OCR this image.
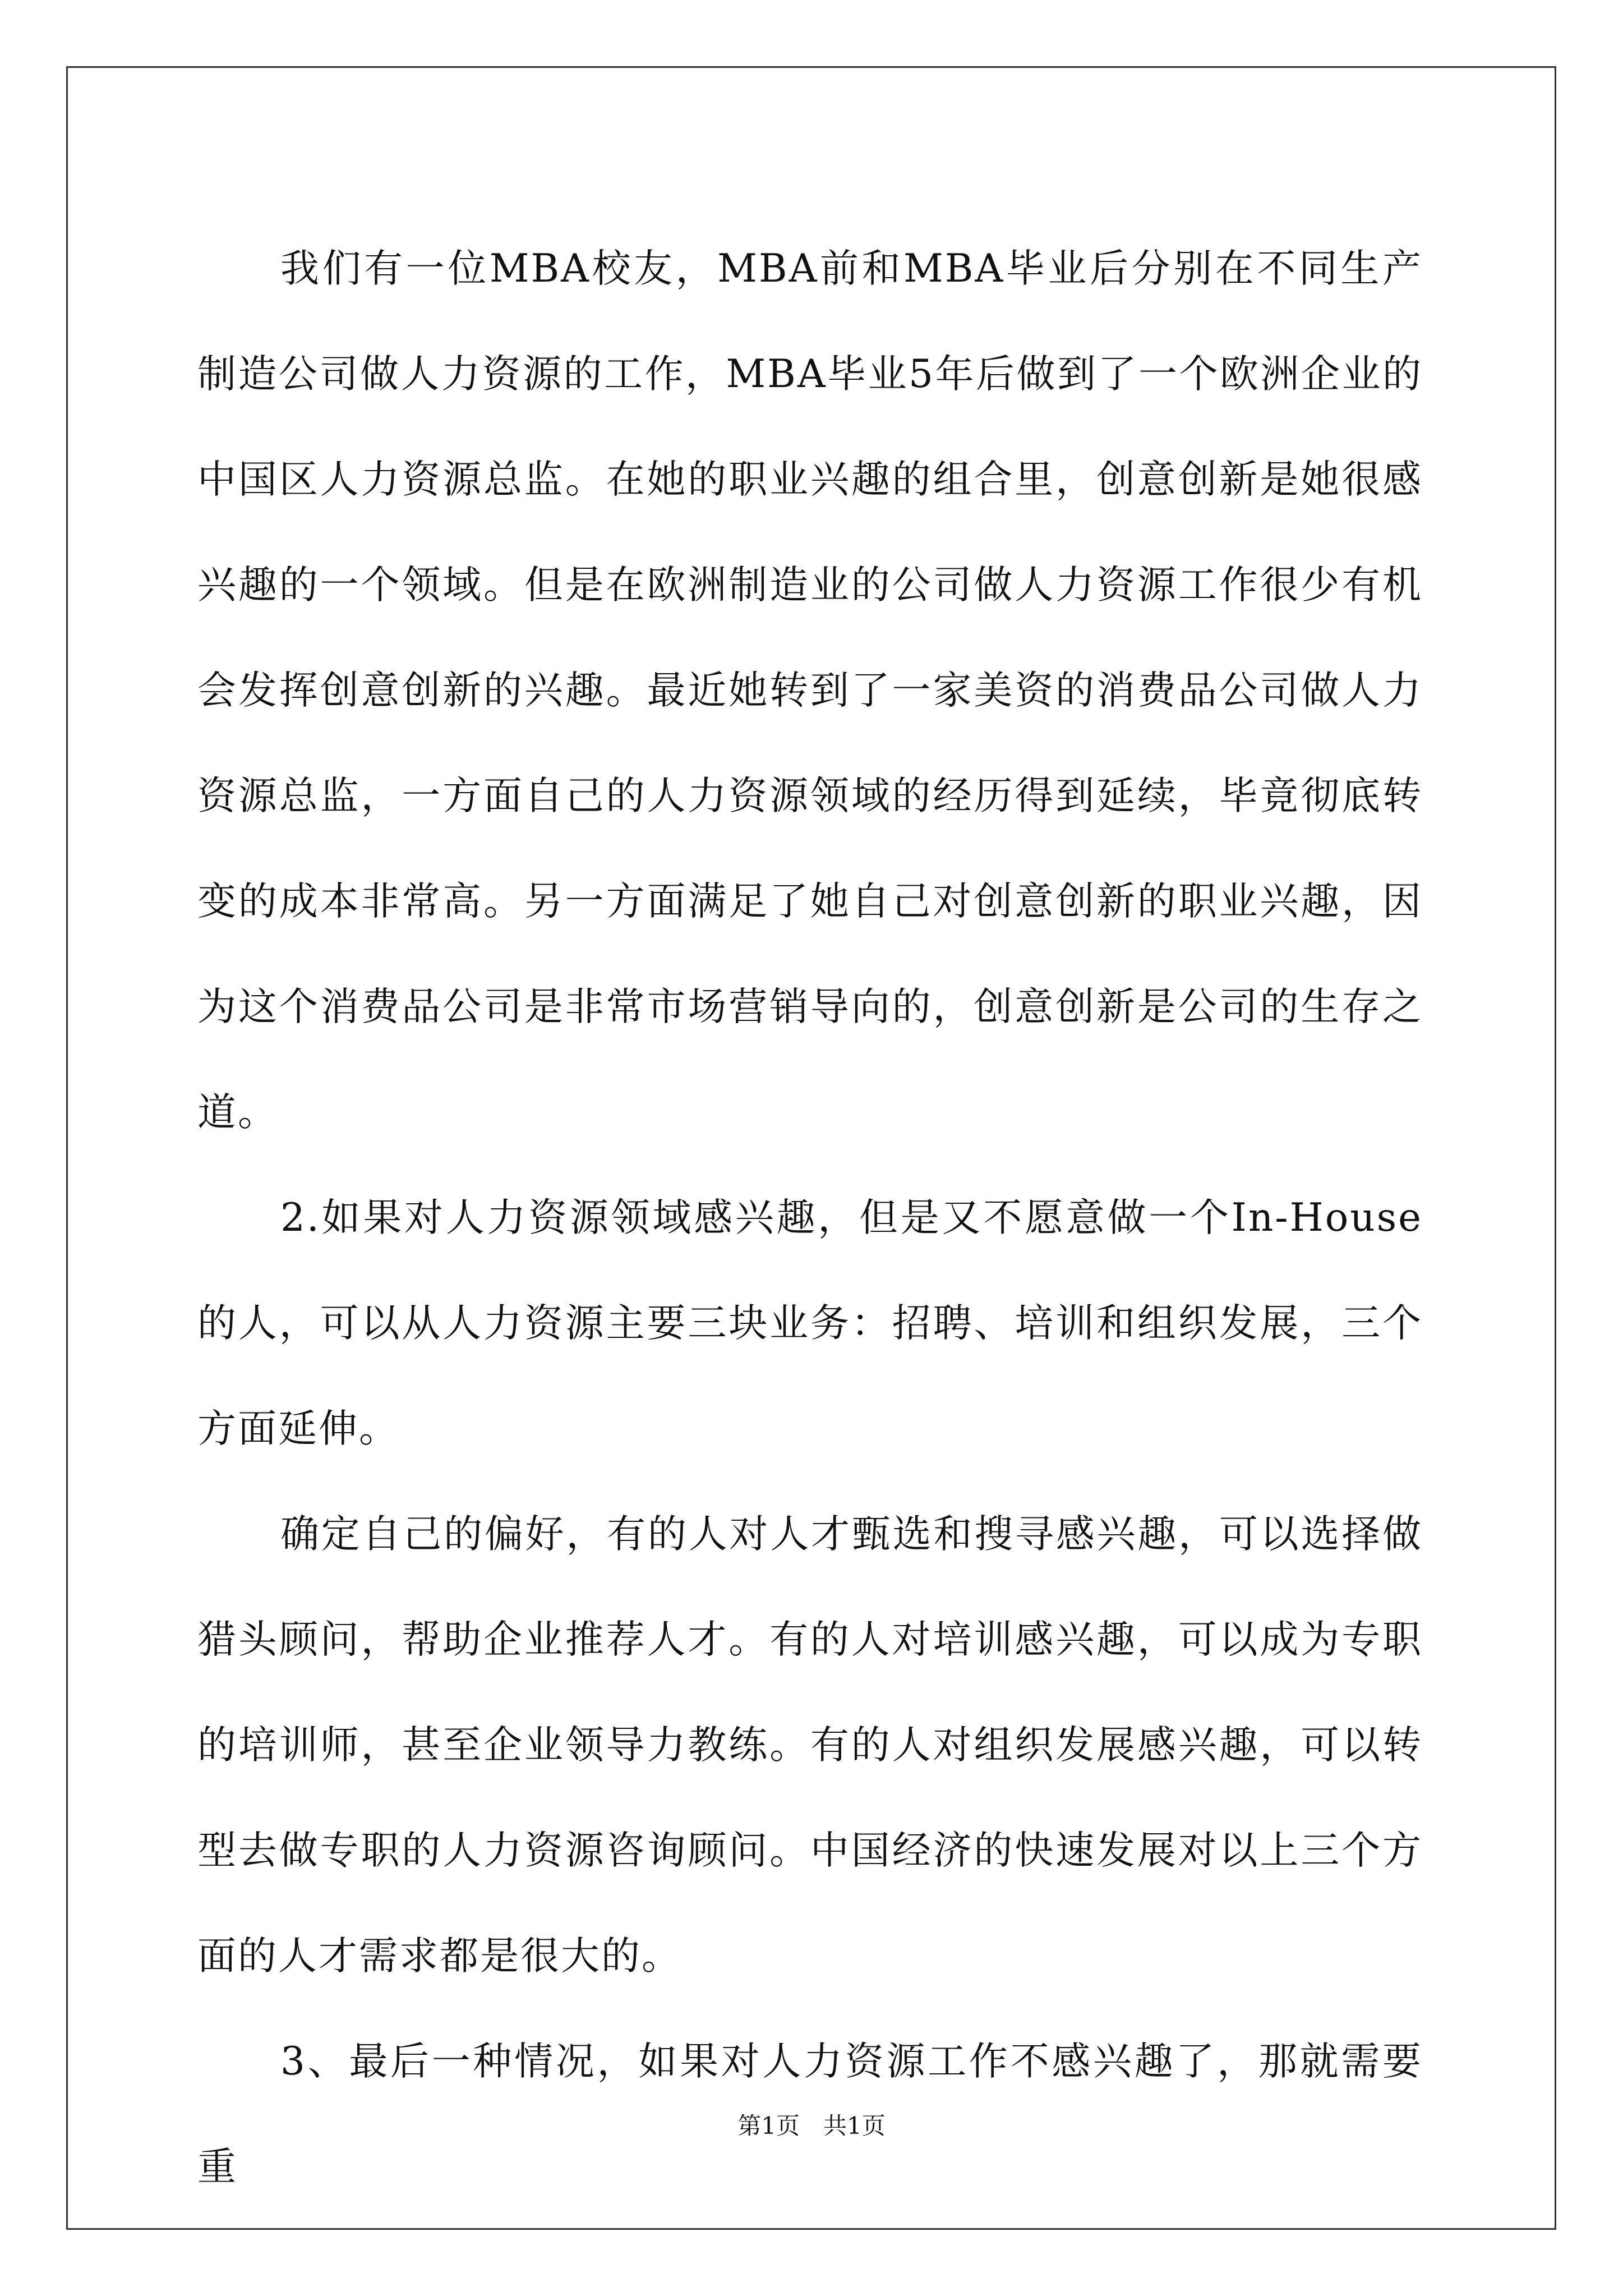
我们有一位MBA校友，MBA前和MBA毕业后分别在不同生产制造公司做人力资源的工作，MBA毕业5年后做到了一个欧洲企业的中国区人力资源总监。在她的职业兴趣的组合里，创意创新是她很感兴趣的一个领域。但是在欧洲制造业的公司做人力资源工作很少有机会发挥创意创新的兴趣。最近她转到了一家美资的消费品公司做人力资源总监，一方面自己的人力资源领域的经历得到延续，毕竟彻底转变的成本非常高。另一方面满足了她自己对创意创新的职业兴趣，因为这个消费品公司是非常市场营销导向的，创意创新是公司的生存之道。

2.如果对人力资源领域感兴趣，但是又不愿意做一个In-House的人，可以从人力资源主要三块业务：招聘、培训和组织发展，三个方面延伸。

确定自己的偏好，有的人对人才甄选和搜寻感兴趣，可以选择做猎头顾问，帮助企业推荐人才。有的人对培训感兴趣，可以成为专职的培训师，甚至企业领导力教练。有的人对组织发展感兴趣，可以转型去做专职的人力资源咨询顾问。中国经济的快速发展对以上三个方面的人才需求都是很大的。

3、最后一种情况，如果对人力资源工作不感兴趣了，那就需要重

第1页　共1页
